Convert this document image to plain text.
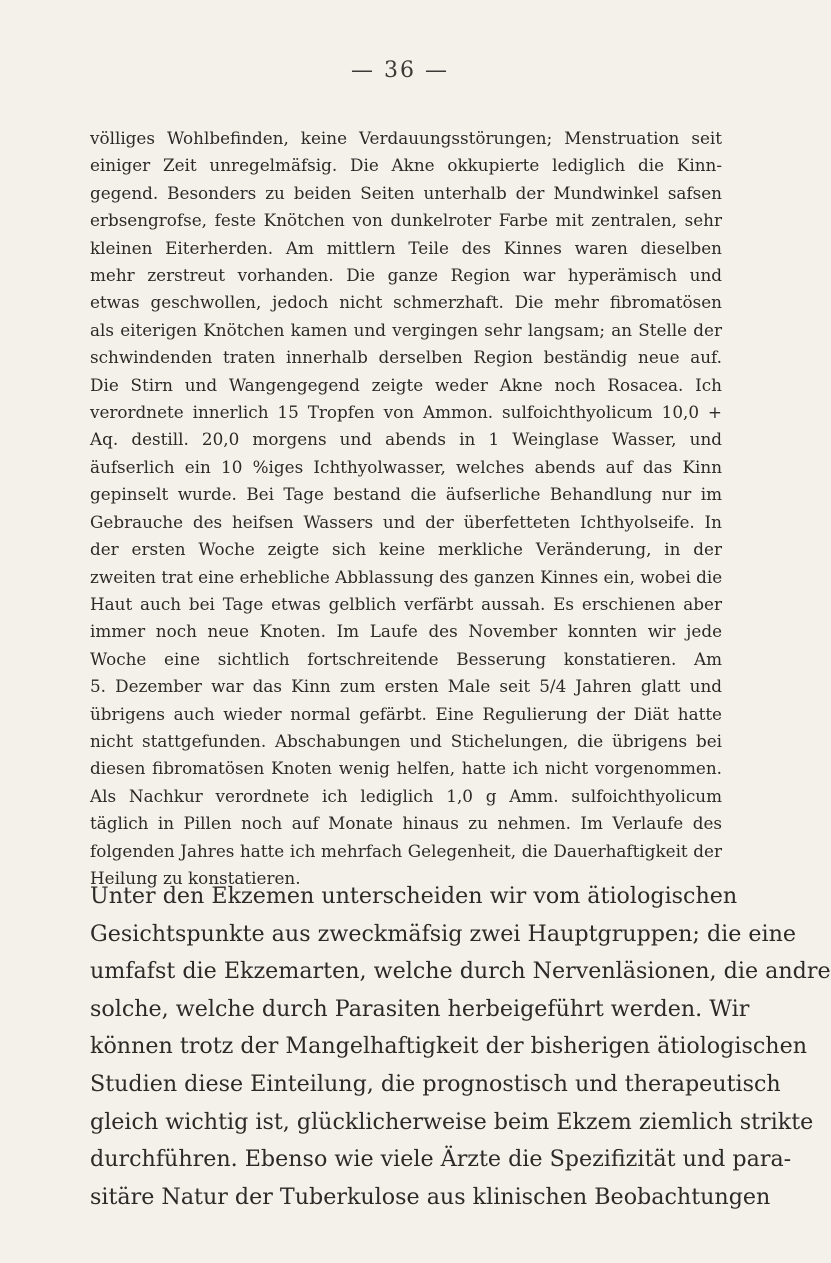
— 36 —
völliges Wohlbefinden, keine Verdauungsstörungen; Menstruation seit
einiger Zeit unregelmäfsig. Die Akne okkupierte lediglich die Kinn-
gegend. Besonders zu beiden Seiten unterhalb der Mundwinkel safsen
erbsengrofse, feste Knötchen von dunkelroter Farbe mit zentralen, sehr
kleinen Eiterherden. Am mittlern Teile des Kinnes waren dieselben
mehr zerstreut vorhanden. Die ganze Region war hyperämisch und
etwas geschwollen, jedoch nicht schmerzhaft. Die mehr fibromatösen
als eiterigen Knötchen kamen und vergingen sehr langsam; an Stelle der
schwindenden traten innerhalb derselben Region beständig neue auf.
Die Stirn und Wangengegend zeigte weder Akne noch Rosacea. Ich
verordnete innerlich 15 Tropfen von Ammon. sulfoichthyolicum 10,0 +
Aq. destill. 20,0 morgens und abends in 1 Weinglase Wasser, und
äufserlich ein 10 %iges Ichthyolwasser, welches abends auf das Kinn
gepinselt wurde. Bei Tage bestand die äufserliche Behandlung nur im
Gebrauche des heifsen Wassers und der überfetteten Ichthyolseife. In
der ersten Woche zeigte sich keine merkliche Veränderung, in der
zweiten trat eine erhebliche Abblassung des ganzen Kinnes ein, wobei die
Haut auch bei Tage etwas gelblich verfärbt aussah. Es erschienen aber
immer noch neue Knoten. Im Laufe des November konnten wir jede
Woche eine sichtlich fortschreitende Besserung konstatieren. Am
5. Dezember war das Kinn zum ersten Male seit 5/4 Jahren glatt und
übrigens auch wieder normal gefärbt. Eine Regulierung der Diät hatte
nicht stattgefunden. Abschabungen und Stichelungen, die übrigens bei
diesen fibromatösen Knoten wenig helfen, hatte ich nicht vorgenommen.
Als Nachkur verordnete ich lediglich 1,0 g Amm. sulfoichthyolicum
täglich in Pillen noch auf Monate hinaus zu nehmen. Im Verlaufe des
folgenden Jahres hatte ich mehrfach Gelegenheit, die Dauerhaftigkeit der
Heilung zu konstatieren.
Unter den Ekzemen unterscheiden wir vom ätiologischen
Gesichtspunkte aus zweckmäfsig zwei Hauptgruppen; die eine
umfafst die Ekzemarten, welche durch Nervenläsionen, die andre
solche, welche durch Parasiten herbeigeführt werden. Wir
können trotz der Mangelhaftigkeit der bisherigen ätiologischen
Studien diese Einteilung, die prognostisch und therapeutisch
gleich wichtig ist, glücklicherweise beim Ekzem ziemlich strikte
durchführen. Ebenso wie viele Ärzte die Spezifizität und para-
sitäre Natur der Tuberkulose aus klinischen Beobachtungen
